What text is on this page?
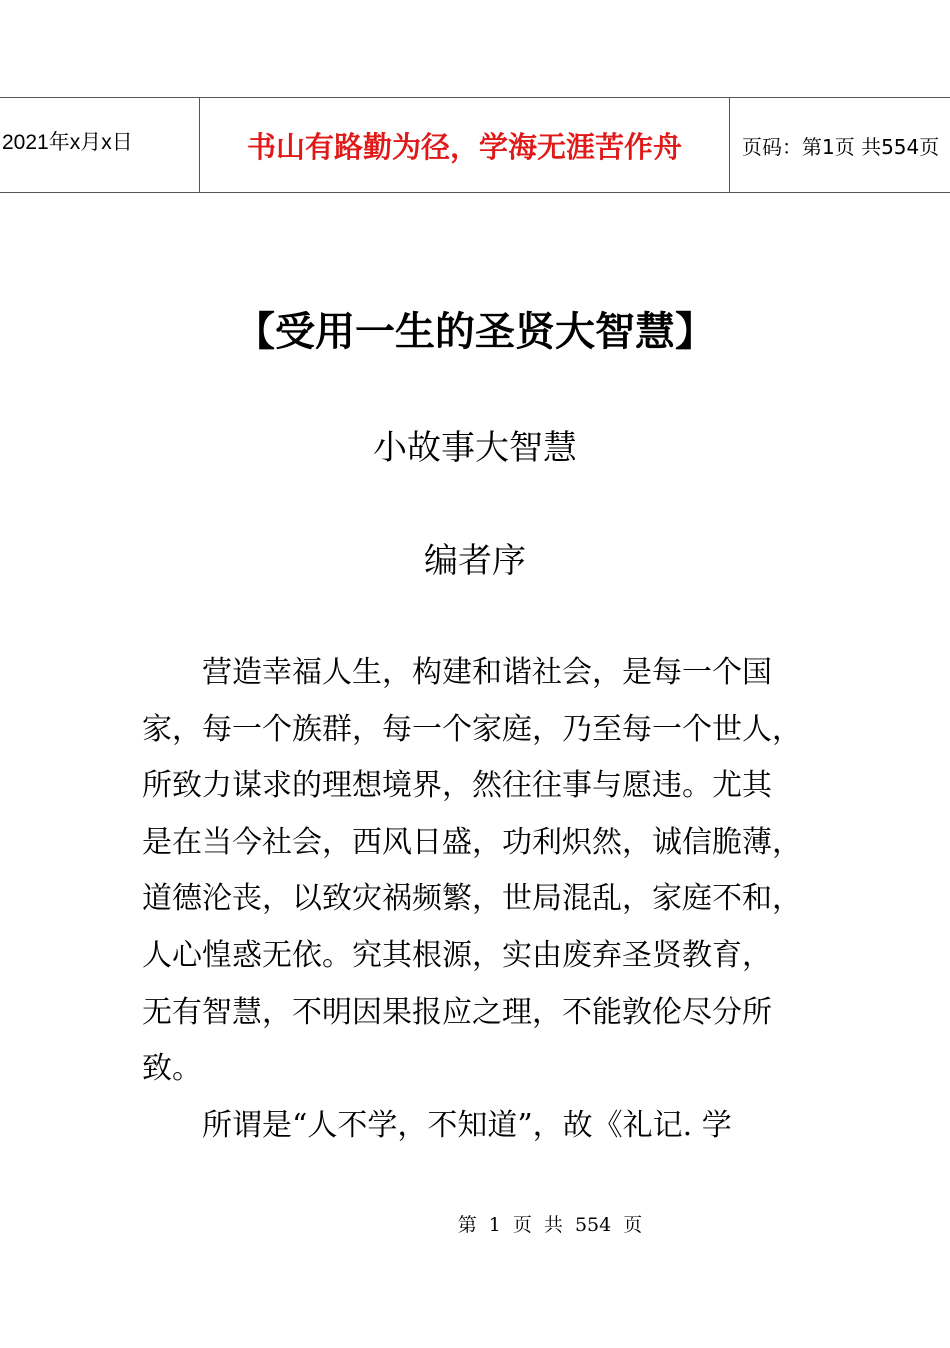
2021年x月x日	书山有路勤为径，学海无涯苦作舟	页码：第1页 共554页
【受用一生的圣贤大智慧】
小故事大智慧
编者序

营造幸福人生，构建和谐社会，是每一个国
家，每一个族群，每一个家庭，乃至每一个世人，
所致力谋求的理想境界，然往往事与愿违。尤其
是在当今社会，西风日盛，功利炽然，诚信脆薄，
道德沦丧，以致灾祸频繁，世局混乱，家庭不和，
人心惶惑无依。究其根源，实由废弃圣贤教育，
无有智慧，不明因果报应之理，不能敦伦尽分所
致。

所谓是“人不学，不知道”，故《礼记. 学

第 1 页 共 554 页
